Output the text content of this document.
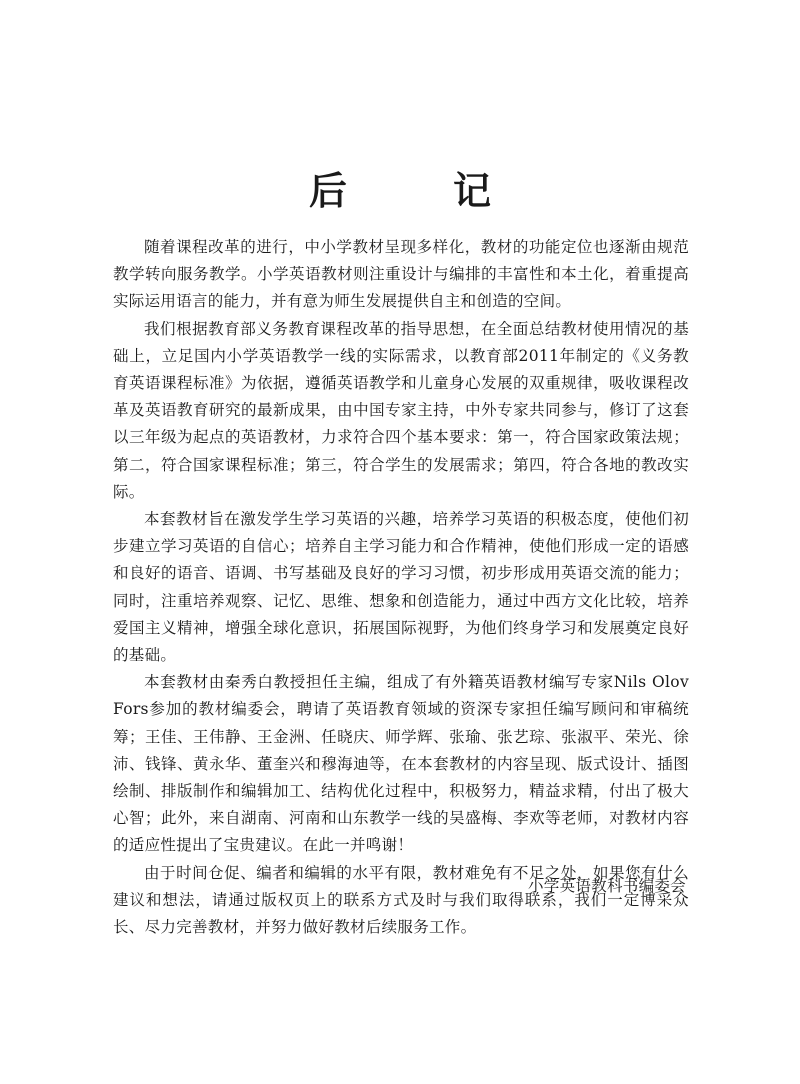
后　记

随着课程改革的进行，中小学教材呈现多样化，教材的功能定位也逐渐由规范教学转向服务教学。小学英语教材则注重设计与编排的丰富性和本土化，着重提高实际运用语言的能力，并有意为师生发展提供自主和创造的空间。

我们根据教育部义务教育课程改革的指导思想，在全面总结教材使用情况的基础上，立足国内小学英语教学一线的实际需求，以教育部2011年制定的《义务教育英语课程标准》为依据，遵循英语教学和儿童身心发展的双重规律，吸收课程改革及英语教育研究的最新成果，由中国专家主持，中外专家共同参与，修订了这套以三年级为起点的英语教材，力求符合四个基本要求：第一，符合国家政策法规；第二，符合国家课程标准；第三，符合学生的发展需求；第四，符合各地的教改实际。

本套教材旨在激发学生学习英语的兴趣，培养学习英语的积极态度，使他们初步建立学习英语的自信心；培养自主学习能力和合作精神，使他们形成一定的语感和良好的语音、语调、书写基础及良好的学习习惯，初步形成用英语交流的能力；同时，注重培养观察、记忆、思维、想象和创造能力，通过中西方文化比较，培养爱国主义精神，增强全球化意识，拓展国际视野，为他们终身学习和发展奠定良好的基础。

本套教材由秦秀白教授担任主编，组成了有外籍英语教材编写专家Nils Olov Fors参加的教材编委会，聘请了英语教育领域的资深专家担任编写顾问和审稿统筹；王佳、王伟静、王金洲、任晓庆、师学辉、张瑜、张艺琮、张淑平、荣光、徐沛、钱锋、黄永华、董奎兴和穆海迪等，在本套教材的内容呈现、版式设计、插图绘制、排版制作和编辑加工、结构优化过程中，积极努力，精益求精，付出了极大心智；此外，来自湖南、河南和山东教学一线的吴盛梅、李欢等老师，对教材内容的适应性提出了宝贵建议。在此一并鸣谢！

由于时间仓促、编者和编辑的水平有限，教材难免有不足之处，如果您有什么建议和想法，请通过版权页上的联系方式及时与我们取得联系，我们一定博采众长、尽力完善教材，并努力做好教材后续服务工作。

小学英语教科书编委会
